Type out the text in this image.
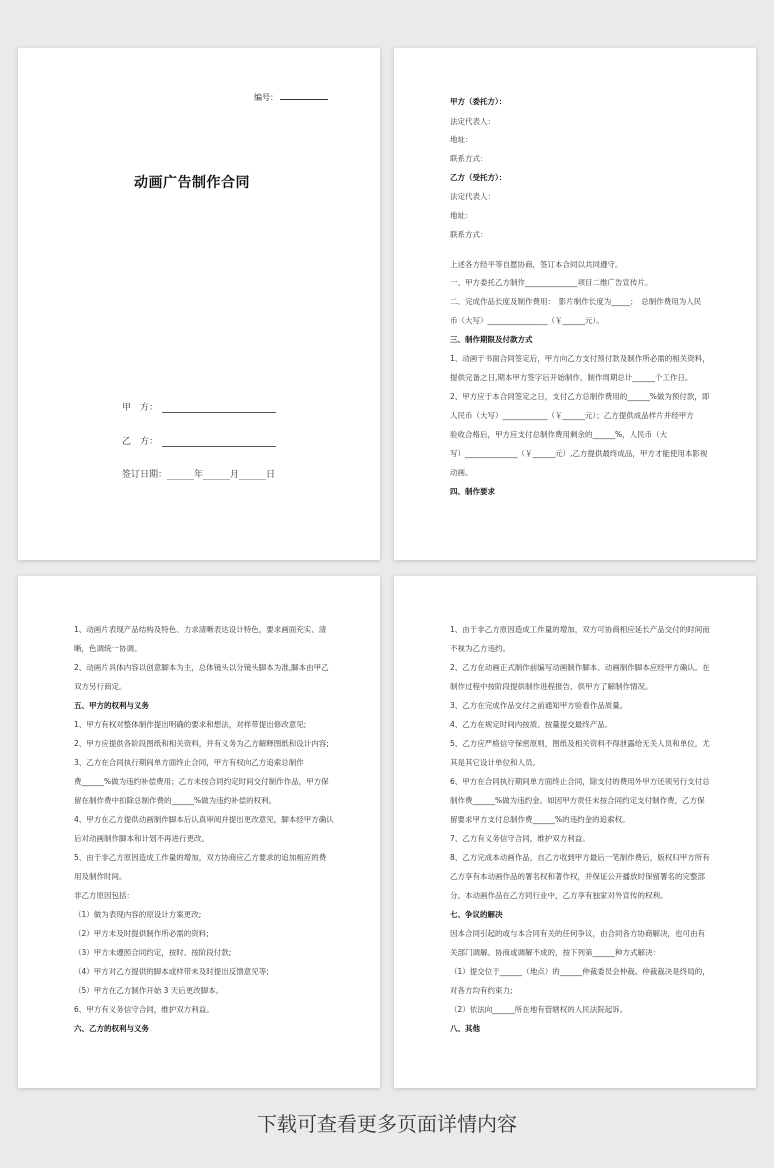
编号：
动画广告制作合同
甲　方：
乙　方：
签订日期：______年______月______日
甲方（委托方）：
法定代表人：
地址：
联系方式：
乙方（受托方）：
法定代表人：
地址：
联系方式：
上述各方经平等自愿协商，签订本合同以共同遵守。
一、甲方委托乙方制作______________项目二维广告宣传片。
二、完成作品长度及制作费用：　影片制作长度为_____；　总制作费用为人民
币（大写）________________（￥______元）。
三、制作期限及付款方式
1、动画于书面合同签定后，甲方向乙方支付预付款及制作所必需的相关资料，
提供完备之日,期本甲方签字后开始制作，制作周期总计______个工作日。
2、甲方应于本合同签定之日，支付乙方总制作费用的______%做为预付款，即
人民币（大写）____________（￥______元）；乙方提供成品样片并经甲方
验收合格后，甲方应支付总制作费用剩余的______%，人民币（大
写）______________（￥______元）,乙方提供最终成品，甲方才能使用本影视
动画。
四、制作要求
1、动画片表现产品结构及特色、力求清晰表达设计特色，要求画面充实、清
晰，色调统一协调。
2、动画片具体内容以创意脚本为主，总体镜头以分镜头脚本为准,脚本由甲乙
双方另行商定。
五、甲方的权利与义务
1、甲方有权对整体制作提出明确的要求和想法，对样带提出修改意见;
2、甲方应提供各阶段图纸和相关资料，并有义务为乙方解释图纸和设计内容;
3、乙方在合同执行期间单方面终止合同，甲方有权向乙方追索总制作
费______%做为违约补偿费用；乙方未按合同约定时间交付制作作品，甲方保
留在制作费中扣除总制作费的______%做为违约补偿的权利。
4、甲方在乙方提供动画制作脚本后认真审阅并提出更改意见，脚本经甲方确认
后对动画制作脚本和计划不再进行更改。
5、由于非乙方原因造成工作量的增加，双方协商应乙方要求的追加相应的费
用及制作时间。
非乙方原因包括：
（1）做为表现内容的原设计方案更改;
（2）甲方未及时提供制作所必需的资料;
（3）甲方未遵照合同约定，按时、按阶段付款;
（4）甲方对乙方提供的脚本或样带未及时提出反馈意见等;
（5）甲方在乙方制作开始 3 天后更改脚本。
6、甲方有义务信守合同，维护双方利益。
六、乙方的权利与义务
1、由于非乙方原因造成工作量的增加，双方可协商相应延长产品交付的时间而
不视为乙方违约。
2、乙方在动画正式制作前编写动画制作脚本、动画制作脚本应经甲方确认。在
制作过程中按阶段提供制作进程报告，供甲方了解制作情况。
3、乙方在完成作品交付之前通知甲方验看作品质量。
4、乙方在规定时间内按质、按量提交最终产品。
5、乙方应严格信守保密原则，图纸及相关资料不得泄露给无关人员和单位，尤
其是其它设计单位和人员。
6、甲方在合同执行期间单方面终止合同，除支付的费用外甲方还须另行支付总
制作费______%做为违约金。如因甲方责任未按合同约定支付制作费，乙方保
留要求甲方支付总制作费______%的违约金的追索权。
7、乙方有义务信守合同，维护双方利益。
8、乙方完成本动画作品，自乙方收到甲方最后一笔制作费后，版权归甲方所有
乙方享有本动画作品的署名权和著作权，并保证公开播放时保留署名的完整部
分。本动画作品在乙方同行业中，乙方享有独家对外宣传的权利。
七、争议的解决
因本合同引起的或与本合同有关的任何争议，由合同各方协商解决，也可由有
关部门调解。协商或调解不成的，按下列第______种方式解决：
（1）提交位于______（地点）的______仲裁委员会仲裁。仲裁裁决是终局的，
对各方均有约束力;
（2）依法向______所在地有管辖权的人民法院起诉。
八、其他
下载可查看更多页面详情内容
